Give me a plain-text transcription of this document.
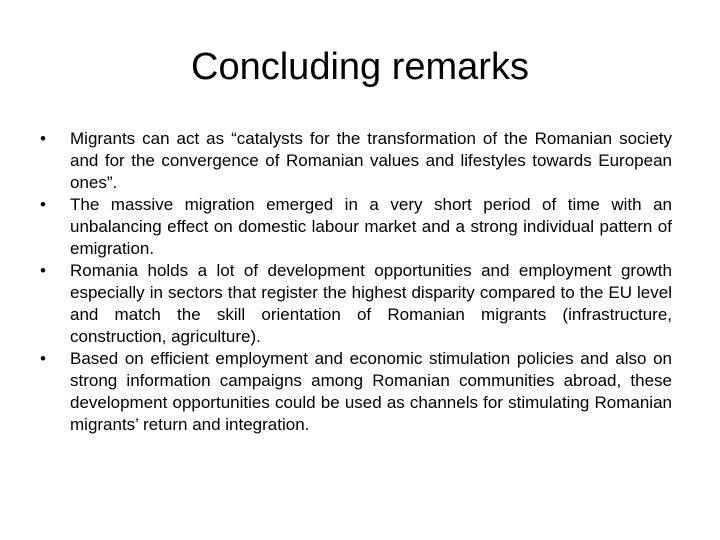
Concluding remarks
• Migrants can act as “catalysts for the transformation of the Romanian society and for the convergence of Romanian values and lifestyles towards European ones”.
• The massive migration emerged in a very short period of time with an unbalancing effect on domestic labour market and a strong individual pattern of emigration.
• Romania holds a lot of development opportunities and employment growth especially in sectors that register the highest disparity compared to the EU level and match the skill orientation of Romanian migrants (infrastructure, construction, agriculture).
• Based on efficient employment and economic stimulation policies and also on strong information campaigns among Romanian communities abroad, these development opportunities could be used as channels for stimulating Romanian migrants’ return and integration.
